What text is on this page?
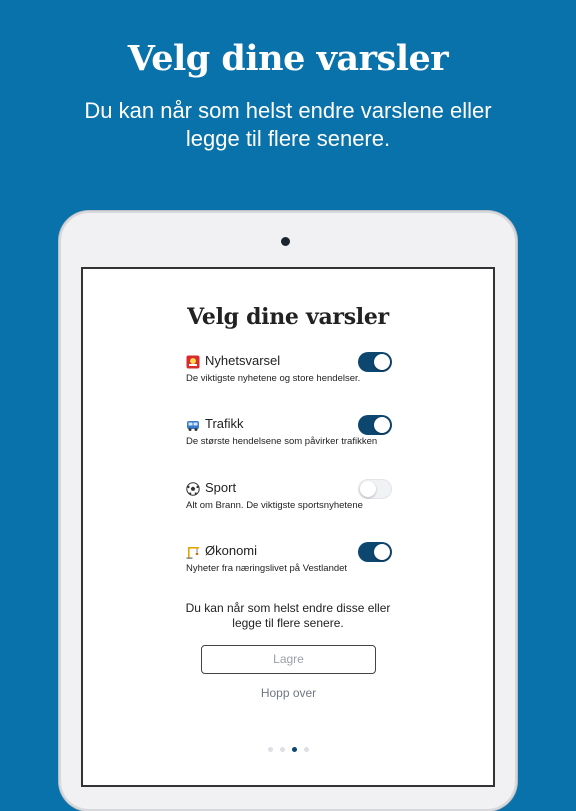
Velg dine varsler
Du kan når som helst endre varslene eller legge til flere senere.
Velg dine varsler
Nyhetsvarsel
De viktigste nyhetene og store hendelser.
Trafikk
De største hendelsene som påvirker trafikken
Sport
Alt om Brann. De viktigste sportsnyhetene
Økonomi
Nyheter fra næringslivet på Vestlandet
Du kan når som helst endre disse eller legge til flere senere.
Lagre
Hopp over
